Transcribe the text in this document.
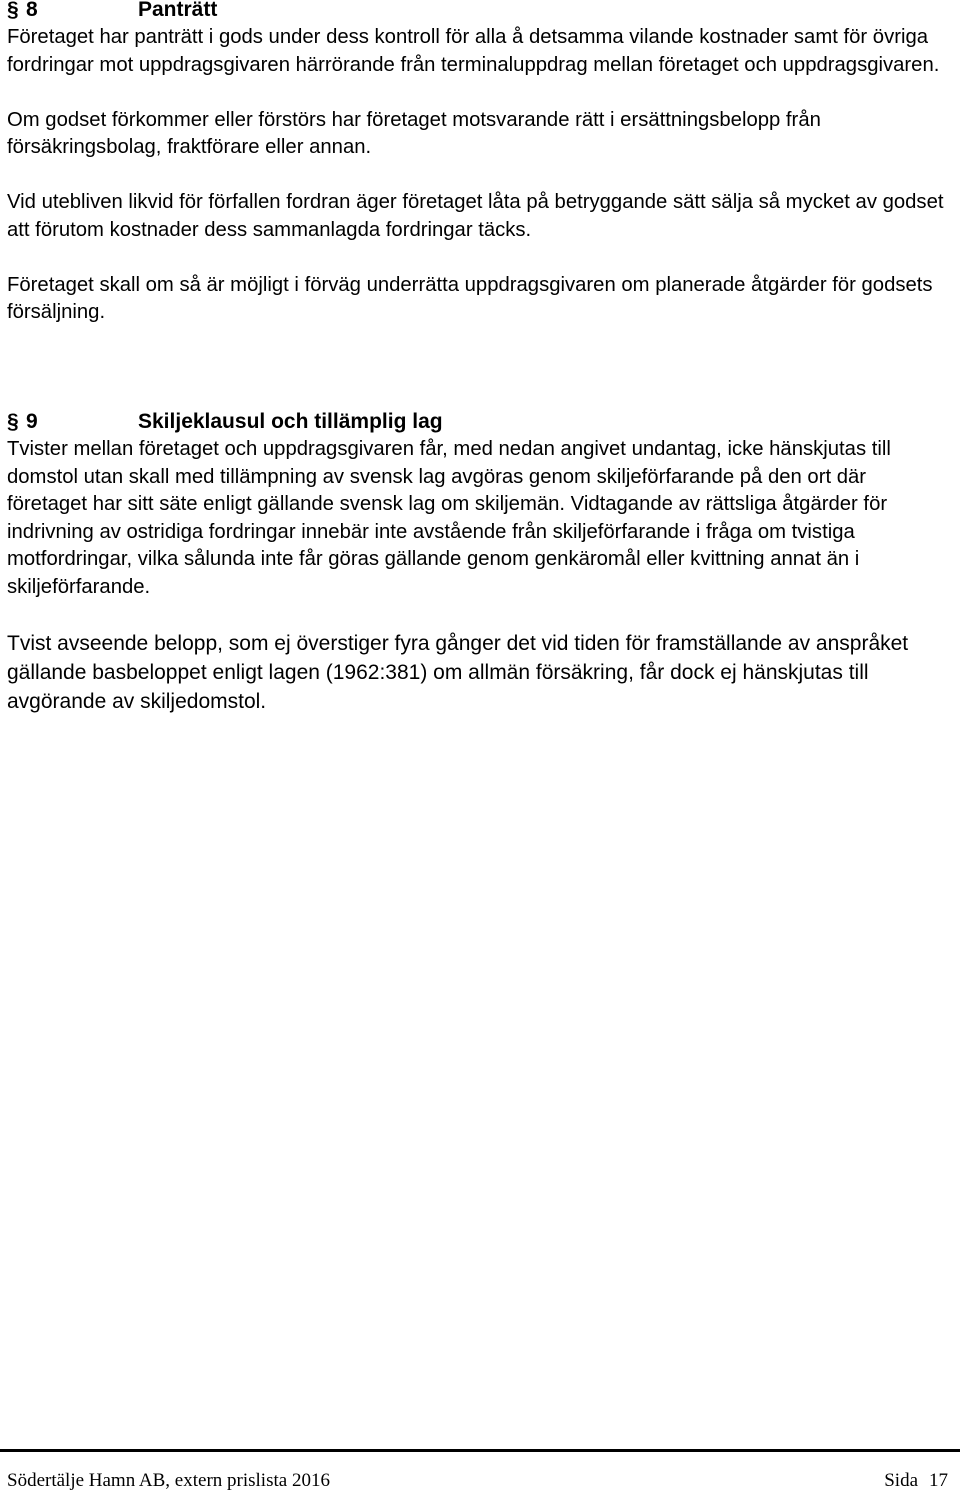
§ 8	Panträtt

Företaget har panträtt i gods under dess kontroll för alla å detsamma vilande kostnader samt för övriga fordringar mot uppdragsgivaren härrörande från terminaluppdrag mellan företaget och uppdragsgivaren.

Om godset förkommer eller förstörs har företaget motsvarande rätt i ersättningsbelopp från försäkringsbolag, fraktförare eller annan.

Vid utebliven likvid för förfallen fordran äger företaget låta på betryggande sätt sälja så mycket av godset att förutom kostnader dess sammanlagda fordringar täcks.

Företaget skall om så är möjligt i förväg underrätta uppdragsgivaren om planerade åtgärder för godsets försäljning.

§ 9	Skiljeklausul och tillämplig lag

Tvister mellan företaget och uppdragsgivaren får, med nedan angivet undantag, icke hänskjutas till domstol utan skall med tillämpning av svensk lag avgöras genom skiljeförfarande på den ort där företaget har sitt säte enligt gällande svensk lag om skiljemän. Vidtagande av rättsliga åtgärder för indrivning av ostridiga fordringar innebär inte avstående från skiljeförfarande i fråga om tvistiga motfordringar, vilka sålunda inte får göras gällande genom genkäromål eller kvittning annat än i skiljeförfarande.

Tvist avseende belopp, som ej överstiger fyra gånger det vid tiden för framställande av anspråket gällande basbeloppet enligt lagen (1962:381) om allmän försäkring, får dock ej hänskjutas till avgörande av skiljedomstol.

Södertälje Hamn AB, extern prislista 2016	Sida 17
